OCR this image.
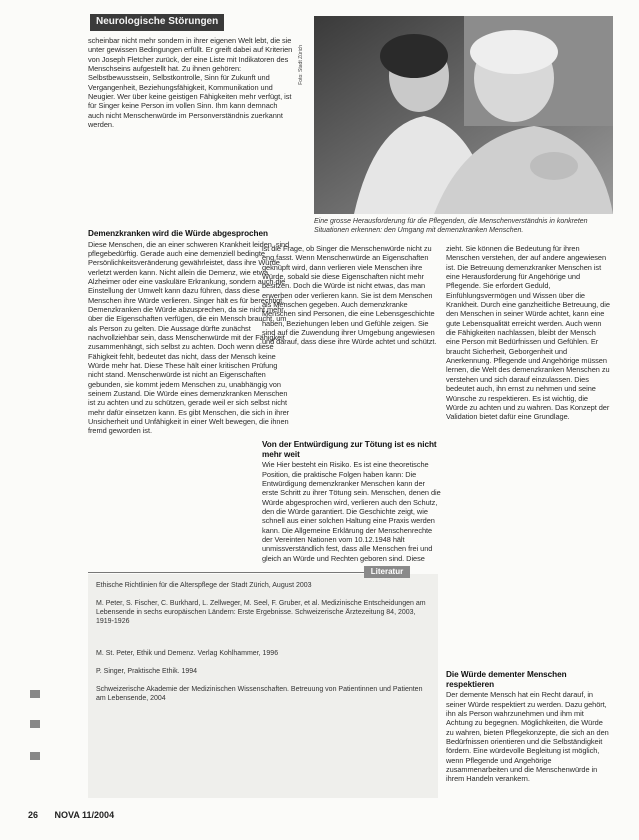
Neurologische Störungen
Foto: Stadt Zürich
Eine grosse Herausforderung für die Pflegenden, die Menschenverständnis in konkreten Situationen erkennen: den Umgang mit demenzkranken Menschen.

scheinbar nicht mehr sondern in ihrer eigenen Welt lebt, die sie unter gewissen Bedingungen erfüllt. Er greift dabei auf Kriterien von Joseph Fletcher zurück, der eine Liste mit Indikatoren des Menschseins aufgestellt hat. Zu ihnen gehören: Selbstbewusstsein, Selbstkontrolle, Sinn für Zukunft und Vergangenheit, Beziehungsfähigkeit, Kommunikation und Neugier. Wer über keine geistigen Fähigkeiten mehr verfügt, ist für Singer keine Person im vollen Sinn. Ihm kann demnach auch nicht Menschenwürde im Personverständnis zuerkannt werden.

Demenzkranken wird die Würde abgesprochen

Diese Menschen, die an einer schweren Krankheit leiden, sind pflegebedürftig. Gerade auch eine demenziell bedingte Persönlichkeitsveränderung gewährleistet, dass ihre Würde verletzt werden kann. Nicht allein die Demenz, wie etwa Alzheimer oder eine vaskuläre Erkrankung, sondern auch die Einstellung der Umwelt kann dazu führen, dass diese Menschen ihre Würde verlieren. Singer hält es für berechtigt, Demenzkranken die Würde abzusprechen, da sie nicht mehr über die Eigenschaften verfügen, die ein Mensch braucht, um als Person zu gelten. Die Aussage dürfte zunächst nachvollziehbar sein, dass Menschenwürde mit der Fähigkeit zusammenhängt, sich selbst zu achten. Doch wenn diese Fähigkeit fehlt, bedeutet das nicht, dass der Mensch keine Würde mehr hat. Diese These hält einer kritischen Prüfung nicht stand. Menschenwürde ist nicht an Eigenschaften gebunden, sie kommt jedem Menschen zu, unabhängig von seinem Zustand. Die Würde eines demenzkranken Menschen ist zu achten und zu schützen, gerade weil er sich selbst nicht mehr dafür einsetzen kann. Es gibt Menschen, die sich in ihrer Unsicherheit und Unfähigkeit in einer Welt bewegen, die ihnen fremd geworden ist.

ist die Frage, ob Singer die Menschenwürde nicht zu eng fasst. Wenn Menschenwürde an Eigenschaften geknüpft wird, dann verlieren viele Menschen ihre Würde, sobald sie diese Eigenschaften nicht mehr besitzen. Doch die Würde ist nicht etwas, das man erwerben oder verlieren kann. Sie ist dem Menschen als Menschen gegeben. Auch demenzkranke Menschen sind Personen, die eine Lebensgeschichte haben, Beziehungen leben und Gefühle zeigen. Sie sind auf die Zuwendung ihrer Umgebung angewiesen und darauf, dass diese ihre Würde achtet und schützt.

Von der Entwürdigung zur Tötung ist es nicht mehr weit

Wie Hier besteht ein Risiko. Es ist eine theoretische Position, die praktische Folgen haben kann: Die Entwürdigung demenzkranker Menschen kann der erste Schritt zu ihrer Tötung sein. Menschen, denen die Würde abgesprochen wird, verlieren auch den Schutz, den die Würde garantiert. Die Geschichte zeigt, wie schnell aus einer solchen Haltung eine Praxis werden kann. Die Allgemeine Erklärung der Menschenrechte der Vereinten Nationen vom 10.12.1948 hält unmissverständlich fest, dass alle Menschen frei und gleich an Würde und Rechten geboren sind. Diese

zieht. Sie können die Bedeutung für ihren Menschen verstehen, der auf andere angewiesen ist. Die Betreuung demenzkranker Menschen ist eine Herausforderung für Angehörige und Pflegende. Sie erfordert Geduld, Einfühlungsvermögen und Wissen über die Krankheit. Durch eine ganzheitliche Betreuung, die den Menschen in seiner Würde achtet, kann eine gute Lebensqualität erreicht werden. Auch wenn die Fähigkeiten nachlassen, bleibt der Mensch eine Person mit Bedürfnissen und Gefühlen. Er braucht Sicherheit, Geborgenheit und Anerkennung. Pflegende und Angehörige müssen lernen, die Welt des demenzkranken Menschen zu verstehen und sich darauf einzulassen. Dies bedeutet auch, ihn ernst zu nehmen und seine Wünsche zu respektieren. Es ist wichtig, die Würde zu achten und zu wahren. Das Konzept der Validation bietet dafür eine Grundlage.

Die Würde dementer Menschen respektieren

Der demente Mensch hat ein Recht darauf, in seiner Würde respektiert zu werden. Dazu gehört, ihn als Person wahrzunehmen und ihm mit Achtung zu begegnen. Möglichkeiten, die Würde zu wahren, bieten Pflegekonzepte, die sich an den Bedürfnissen orientieren und die Selbständigkeit fördern. Eine würdevolle Begleitung ist möglich, wenn Pflegende und Angehörige zusammenarbeiten und die Menschenwürde in ihrem Handeln verankern.

Literatur
Ethische Richtlinien für die Alterspflege der Stadt Zürich, August 2003
M. Peter, S. Fischer, C. Burkhard, L. Zellweger, M. Seel, F. Gruber, et al. Medizinische Entscheidungen am Lebensende in sechs europäischen Ländern: Erste Ergebnisse. Schweizerische Ärztezeitung 84, 2003, 1919-1926
M. St. Peter, Ethik und Demenz. Verlag Kohlhammer, 1996
P. Singer, Praktische Ethik. 1994
Schweizerische Akademie der Medizinischen Wissenschaften. Betreuung von Patientinnen und Patienten am Lebensende, 2004
26 NOVA 11/2004
